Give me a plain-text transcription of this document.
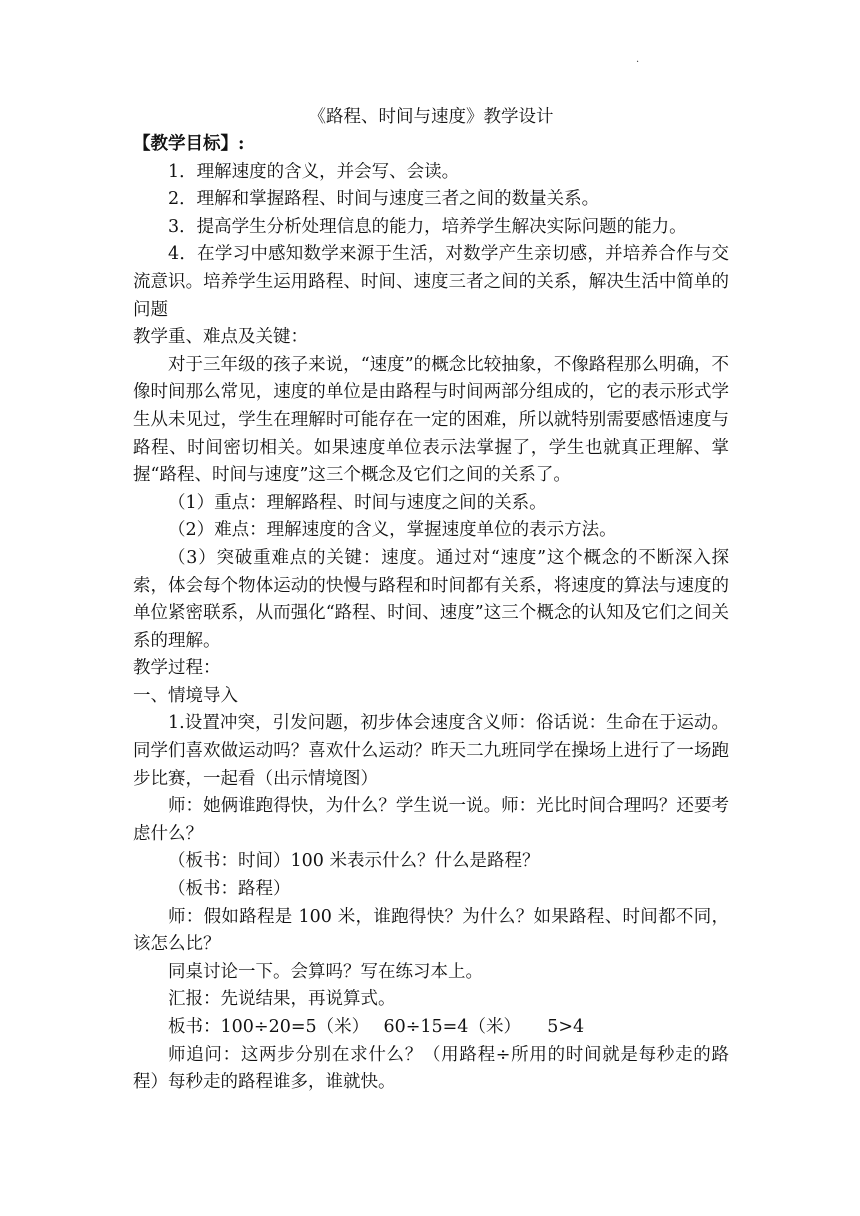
·
《路程、时间与速度》教学设计

【教学目标】:

1．理解速度的含义，并会写、会读。

2．理解和掌握路程、时间与速度三者之间的数量关系。

3．提高学生分析处理信息的能力，培养学生解决实际问题的能力。

4．在学习中感知数学来源于生活，对数学产生亲切感，并培养合作与交流意识。培养学生运用路程、时间、速度三者之间的关系，解决生活中简单的问题

教学重、难点及关键：

对于三年级的孩子来说，“速度”的概念比较抽象，不像路程那么明确，不像时间那么常见，速度的单位是由路程与时间两部分组成的，它的表示形式学生从未见过，学生在理解时可能存在一定的困难，所以就特别需要感悟速度与路程、时间密切相关。如果速度单位表示法掌握了，学生也就真正理解、掌握“路程、时间与速度”这三个概念及它们之间的关系了。

（1）重点：理解路程、时间与速度之间的关系。

（2）难点：理解速度的含义，掌握速度单位的表示方法。

（3）突破重难点的关键：速度。通过对“速度”这个概念的不断深入探索，体会每个物体运动的快慢与路程和时间都有关系，将速度的算法与速度的单位紧密联系，从而强化“路程、时间、速度”这三个概念的认知及它们之间关系的理解。

教学过程：

一、情境导入

1.设置冲突，引发问题，初步体会速度含义师：俗话说：生命在于运动。同学们喜欢做运动吗？喜欢什么运动？昨天二九班同学在操场上进行了一场跑步比赛，一起看（出示情境图）

师：她俩谁跑得快，为什么？学生说一说。师：光比时间合理吗？还要考虑什么？

（板书：时间）100 米表示什么？什么是路程？

（板书：路程）

师：假如路程是 100 米，谁跑得快？为什么？如果路程、时间都不同，该怎么比？

同桌讨论一下。会算吗？写在练习本上。

汇报：先说结果，再说算式。

板书：100÷20=5（米）　 60÷15=4（米）　　5>4

师追问：这两步分别在求什么？（用路程÷所用的时间就是每秒走的路程）每秒走的路程谁多，谁就快。
